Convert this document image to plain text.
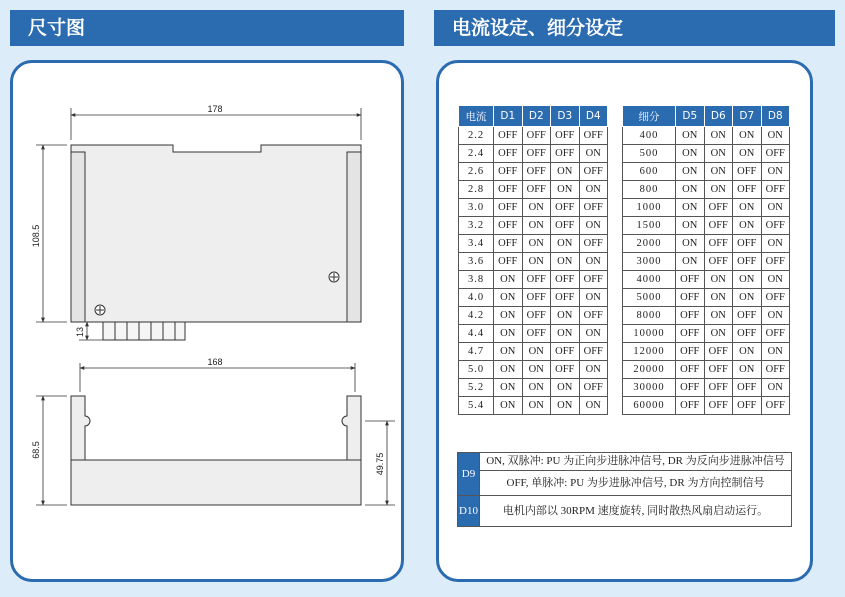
尺寸图	电流设定、细分设定
178
108.5
13
168
68.5
49.75
电流	D1	D2	D3	D4
2.2	OFF	OFF	OFF	OFF
2.4	OFF	OFF	OFF	ON
2.6	OFF	OFF	ON	OFF
2.8	OFF	OFF	ON	ON
3.0	OFF	ON	OFF	OFF
3.2	OFF	ON	OFF	ON
3.4	OFF	ON	ON	OFF
3.6	OFF	ON	ON	ON
3.8	ON	OFF	OFF	OFF
4.0	ON	OFF	OFF	ON
4.2	ON	OFF	ON	OFF
4.4	ON	OFF	ON	ON
4.7	ON	ON	OFF	OFF
5.0	ON	ON	OFF	ON
5.2	ON	ON	ON	OFF
5.4	ON	ON	ON	ON
细分	D5	D6	D7	D8
400	ON	ON	ON	ON
500	ON	ON	ON	OFF
600	ON	ON	OFF	ON
800	ON	ON	OFF	OFF
1000	ON	OFF	ON	ON
1500	ON	OFF	ON	OFF
2000	ON	OFF	OFF	ON
3000	ON	OFF	OFF	OFF
4000	OFF	ON	ON	ON
5000	OFF	ON	ON	OFF
8000	OFF	ON	OFF	ON
10000	OFF	ON	OFF	OFF
12000	OFF	OFF	ON	ON
20000	OFF	OFF	ON	OFF
30000	OFF	OFF	OFF	ON
60000	OFF	OFF	OFF	OFF
D9	ON, 双脉冲: PU 为正向步进脉冲信号, DR 为反向步进脉冲信号
	OFF, 单脉冲: PU 为步进脉冲信号, DR 为方向控制信号
D10	电机内部以 30RPM 速度旋转, 同时散热风扇启动运行。
